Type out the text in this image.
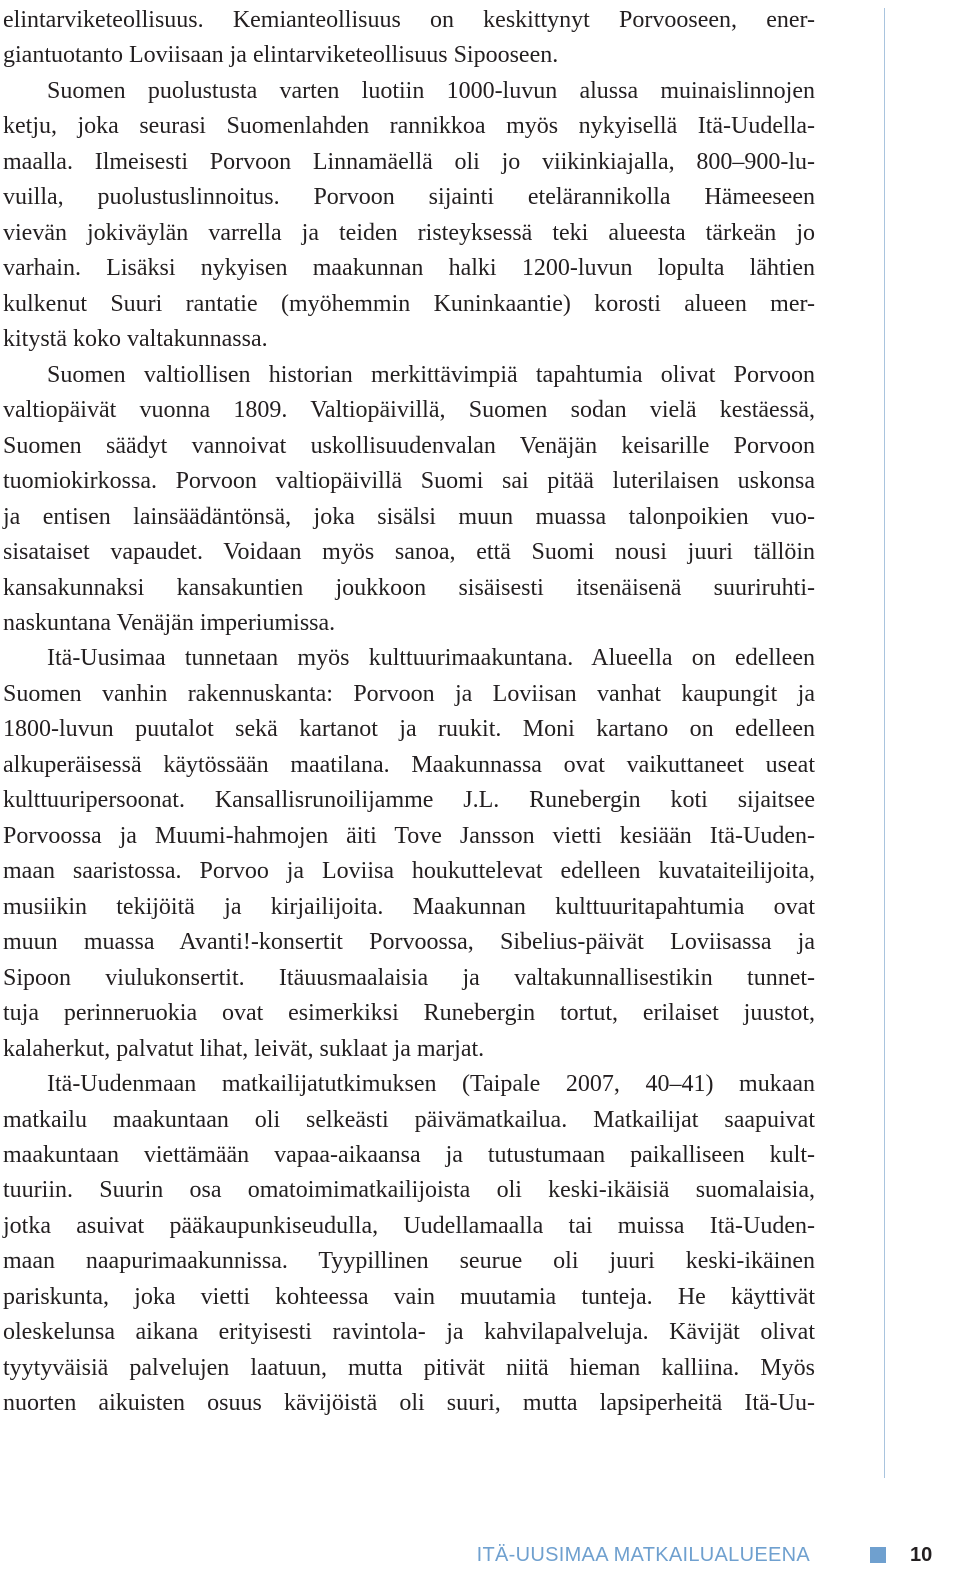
elintarviketeollisuus. Kemianteollisuus on keskittynyt Porvooseen, ener-
giantuotanto Loviisaan ja elintarviketeollisuus Sipooseen.
Suomen puolustusta varten luotiin 1000-luvun alussa muinaislinnojen
ketju, joka seurasi Suomenlahden rannikkoa myös nykyisellä Itä-Uudella-
maalla. Ilmeisesti Porvoon Linnamäellä oli jo viikinkiajalla, 800–900-lu-
vuilla, puolustuslinnoitus. Porvoon sijainti etelärannikolla Hämeeseen
vievän jokiväylän varrella ja teiden risteyksessä teki alueesta tärkeän jo
varhain. Lisäksi nykyisen maakunnan halki 1200-luvun lopulta lähtien
kulkenut Suuri rantatie (myöhemmin Kuninkaantie) korosti alueen mer-
kitystä koko valtakunnassa.
Suomen valtiollisen historian merkittävimpiä tapahtumia olivat Porvoon
valtiopäivät vuonna 1809. Valtiopäivillä, Suomen sodan vielä kestäessä,
Suomen säädyt vannoivat uskollisuudenvalan Venäjän keisarille Porvoon
tuomiokirkossa. Porvoon valtiopäivillä Suomi sai pitää luterilaisen uskonsa
ja entisen lainsäädäntönsä, joka sisälsi muun muassa talonpoikien vuo-
sisataiset vapaudet. Voidaan myös sanoa, että Suomi nousi juuri tällöin
kansakunnaksi kansakuntien joukkoon sisäisesti itsenäisenä suuriruhti-
naskuntana Venäjän imperiumissa.
Itä-Uusimaa tunnetaan myös kulttuurimaakuntana. Alueella on edelleen
Suomen vanhin rakennuskanta: Porvoon ja Loviisan vanhat kaupungit ja
1800-luvun puutalot sekä kartanot ja ruukit. Moni kartano on edelleen
alkuperäisessä käytössään maatilana. Maakunnassa ovat vaikuttaneet useat
kulttuuripersoonat. Kansallisrunoilijamme J.L. Runebergin koti sijaitsee
Porvoossa ja Muumi-hahmojen äiti Tove Jansson vietti kesiään Itä-Uuden-
maan saaristossa. Porvoo ja Loviisa houkuttelevat edelleen kuvataiteilijoita,
musiikin tekijöitä ja kirjailijoita. Maakunnan kulttuuritapahtumia ovat
muun muassa Avanti!-konsertit Porvoossa, Sibelius-päivät Loviisassa ja
Sipoon viulukonsertit. Itäuusmaalaisia ja valtakunnallisestikin tunnet-
tuja perinneruokia ovat esimerkiksi Runebergin tortut, erilaiset juustot,
kalaherkut, palvatut lihat, leivät, suklaat ja marjat.
Itä-Uudenmaan matkailijatutkimuksen (Taipale 2007, 40–41) mukaan
matkailu maakuntaan oli selkeästi päivämatkailua. Matkailijat saapuivat
maakuntaan viettämään vapaa-aikaansa ja tutustumaan paikalliseen kult-
tuuriin. Suurin osa omatoimimatkailijoista oli keski-ikäisiä suomalaisia,
jotka asuivat pääkaupunkiseudulla, Uudellamaalla tai muissa Itä-Uuden-
maan naapurimaakunnissa. Tyypillinen seurue oli juuri keski-ikäinen
pariskunta, joka vietti kohteessa vain muutamia tunteja. He käyttivät
oleskelunsa aikana erityisesti ravintola- ja kahvilapalveluja. Kävijät olivat
tyytyväisiä palvelujen laatuun, mutta pitivät niitä hieman kalliina. Myös
nuorten aikuisten osuus kävijöistä oli suuri, mutta lapsiperheitä Itä-Uu-
ITÄ-UUSIMAA MATKAILUALUEENA	10
